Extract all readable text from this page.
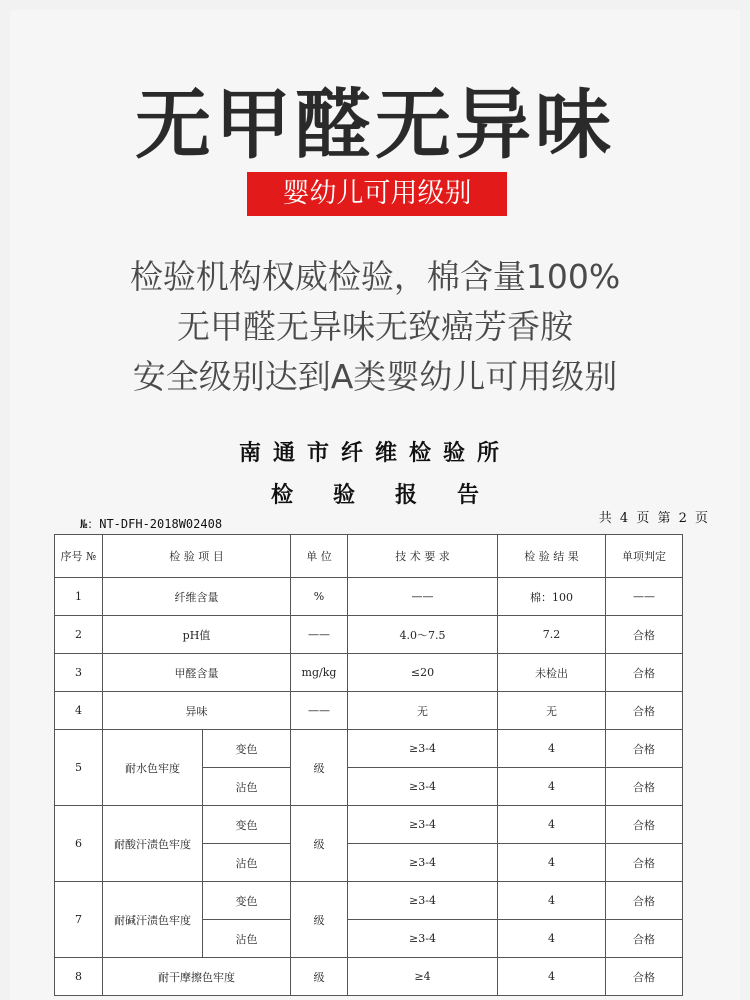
无甲醛无异味
婴幼儿可用级别
检验机构权威检验，棉含量100%
无甲醛无异味无致癌芳香胺
安全级别达到A类婴幼儿可用级别
南通市纤维检验所
检验报告
共 4 页 第 2 页
№：NT-DFH-2018W02408
序号 №	检 验 项 目		单 位	技 术 要 求	检 验 结 果	单项判定
1	纤维含量		%	——	棉：100	——
2	pH值		——	4.0～7.5	7.2	合格
3	甲醛含量		mg/kg	≤20	未检出	合格
4	异味		——	无	无	合格
5	耐水色牢度	变色	级	≥3-4	4	合格
		沾色		≥3-4	4	合格
6	耐酸汗渍色牢度	变色	级	≥3-4	4	合格
		沾色		≥3-4	4	合格
7	耐碱汗渍色牢度	变色	级	≥3-4	4	合格
		沾色		≥3-4	4	合格
8	耐干摩擦色牢度		级	≥4	4	合格
